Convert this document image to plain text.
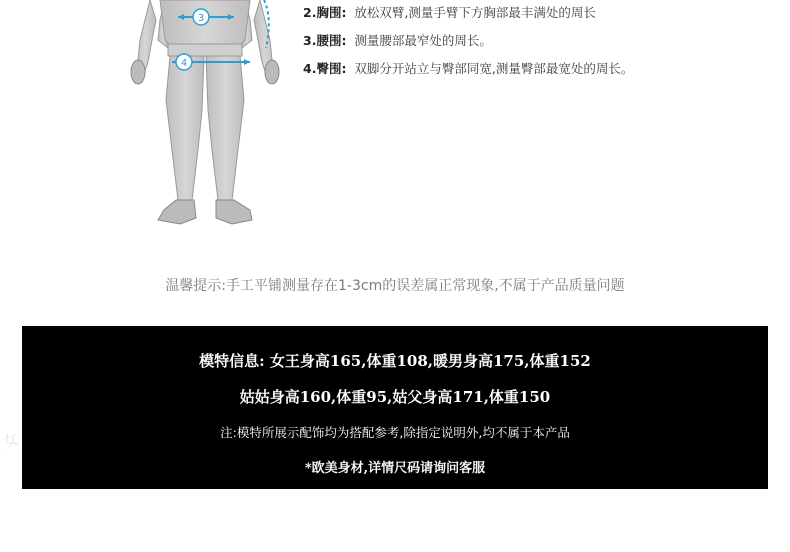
3
4

2.胸围: 放松双臂,测量手臂下方胸部最丰满处的周长

3.腰围: 测量腰部最窄处的周长。

4.臀围: 双脚分开站立与臀部同宽,测量臀部最宽处的周长。

温馨提示:手工平铺测量存在1-3cm的误差属正常现象,不属于产品质量问题
女
模特信息: 女王身高165,体重108,暖男身高175,体重152
姑姑身高160,体重95,姑父身高171,体重150
注:模特所展示配饰均为搭配参考,除指定说明外,均不属于本产品
*欧美身材,详情尺码请询问客服
